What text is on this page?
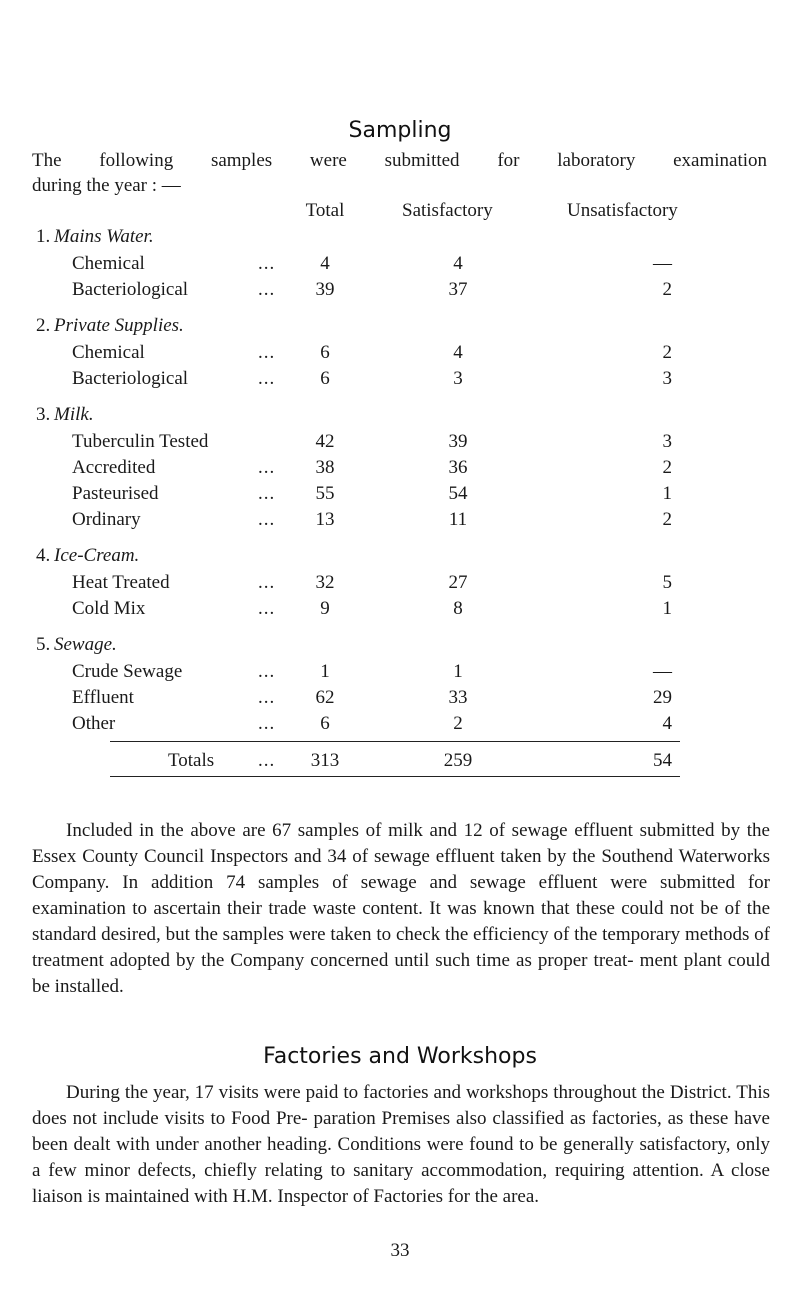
Sampling
The following samples were submitted for laboratory examination
during the year : —
Total	Satisfactory	Unsatisfactory
1. Mains Water.
Chemical	...	4	4	—
Bacteriological	...	39	37	2
2. Private Supplies.
Chemical	...	6	4	2
Bacteriological	...	6	3	3
3. Milk.
Tuberculin Tested	42	39	3
Accredited	...	38	36	2
Pasteurised	...	55	54	1
Ordinary	...	13	11	2
4. Ice-Cream.
Heat Treated	...	32	27	5
Cold Mix	...	9	8	1
5. Sewage.
Crude Sewage	...	1	1	—
Effluent	...	62	33	29
Other	...	6	2	4
Totals ...	313	259	54
Included in the above are 67 samples of milk and 12 of sewage effluent submitted by the Essex County Council Inspectors and 34 of sewage effluent taken by the Southend Waterworks Company. In addition 74 samples of sewage and sewage effluent were submitted for examination to ascertain their trade waste content. It was known that these could not be of the standard desired, but the samples were taken to check the efficiency of the temporary methods of treatment adopted by the Company concerned until such time as proper treat- ment plant could be installed.
Factories and Workshops
During the year, 17 visits were paid to factories and workshops throughout the District. This does not include visits to Food Pre- paration Premises also classified as factories, as these have been dealt with under another heading. Conditions were found to be generally satisfactory, only a few minor defects, chiefly relating to sanitary accommodation, requiring attention. A close liaison is maintained with H.M. Inspector of Factories for the area.
33
